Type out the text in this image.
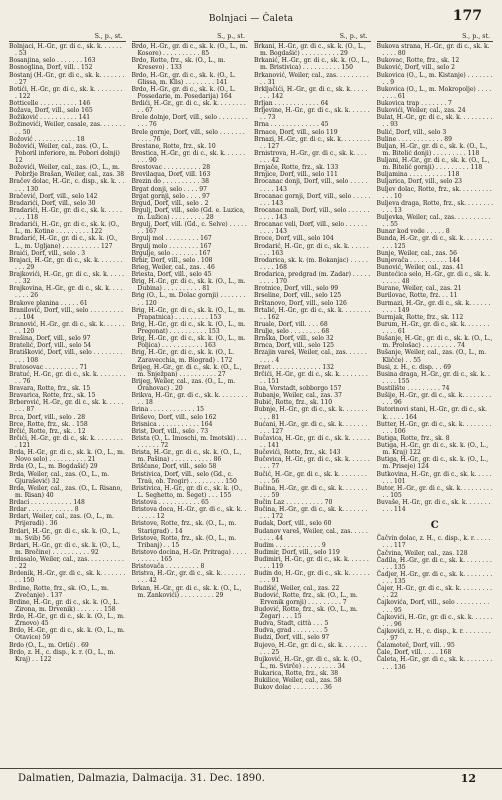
Bolnjaci — Čaleta	177
S., p., st.
Bolnjaci, H.-Gr., gr. di c., sk. k. . . . . . . 53
Bosanjina, selo . . . . . . . 163
Bosnoglina, Dorf, vill. . 152
Bostanj (H.-Gr., gr. di c., sk. k. . . . . . . . 27
Botići, H.-Gr., gr. di c., sk. k. . . . . . . . . 122
Botticelle . . . . . . . . . . 146
Božava, Dorf, vill., selo 165
Božiković . . . . . . . . . . 141
Božinovići, Weiler, casale, zas. . . . . . . . . 50
Božović . . . . . . . . . . . 18
Božovići, Weiler, cal., zas. (O., L. Poboril inferiore, m. Pobori dolnji) 12
Božovići, Weiler, cal., zas. (O., L., m. Pobržje Brašan, Weiler, cal., zas. 38
Bračev dolac, H.-Gr., c. disp., sk. k. . . . . . 130
Bračević, Dorf, vill., selo 142
Bradarići, Dorf, vill., selo 30
Bradarići, H.-Gr., gr. di c., sk. k. . . . . . . . 118
Bradarići, H.-Gr., gr. di c., sk. k. (O., L., m. Kotine . . . . . . . . . 122
Bradarić, H.-Gr., gr. di c., sk. k. (O., L., m. Ugljane) . . . . . . . . . . 127
Braići, Dorf, vill., selo . 3
Brajaci, H.-Gr., gr. di c., sk. k. . . . . . . . . . 29
Brajkovići, H.-Gr., gr. di c., sk. k. . . . . . . 32
Brajkovina, H.-Gr., gr. di c., sk. k. . . . . . . . 26
Brakove planina . . . . . 61
Branilović, Dorf, vill., selo . . . . . . . . . . . 104
Branović, H.-Gr., gr. di c., sk. k. . . . . . . . 120
Brašina, Dorf, vill., selo 97
Bratelić, Dorf, vill., selo 54
Bratišković, Dorf, vill., selo . . . . . . . . . . . 108
Bratosovac . . . . . . . . . 71
Bratuć, H.-Gr., gr. di c., sk. k. . . . . . . . . . 76
Bravara, Rotte, frz., sk. 15
Bravarica, Rotte, frz., sk. 15
Brberović, H.-Gr., gr. di c., sk. k. . . . . . . . 87
Brca, Dorf, vill., selo . 28
Brce, Rotte, frz., sk. . 158
Brčić, Rotte, frz., sk. . 12
Brčići, H.-Gr., gr. di c., sk. k. . . . . . . . . 121
Brda, H.-Gr., gr. di c., sk. k. (O., L., m. Novo selo) . . . . . . . . . . 21
Brda (O., L., m. Bogdašić) 29
Brda, Weiler, cal., zas. (O., L., m. Gjurašević) 32
Brda, Weiler, cal., zas. (O., L. Risano, m. Risan) 40
Brdaci . . . . . . . . . . . 148
Brdar . . . . . . . . . . . . 8
Brdari, Weiler, cal., zas. (O., L., m. Prijeradi) . 36
Brdari, H.-Gr., gr. di c., sk. k. (O., L., m. Svib) 56
Brdari, H.-Gr., gr. di c., sk. k. (O., L., m. Brečine) . . . . . . . . . . 92
Brdasalo, Weiler, cal., zas. . . . . . . . . . . 22
Brdenik, H.-Gr., gr. di c., sk. k. . . . . . . . . 150
Brdine, Rotte, frz., sk. (O., L., m. Zvečanje) . 137
Brdine, H.-Gr., gr. di c., sk. k. (O., L. Zirona, m. Drvenik) . . . . . . . 158
Brdo, H.-Gr., gr. di c., sk. k. (O., L., m. Zrnovo) 45
Brdo, H.-Gr., gr. di c., sk. k. (O., L., m. Otavice) 59
Brdo (O., L., m. Orlić) . 69
Brdo, z. H., c. disp., k. r. (O., L., m. Kraj) . . 122
S., p., st.
Brdo, H.-Gr., gr. di c., sk. k. (O., L., m. Kosore) . . . . . . . . . . 85
Brdo, Rotte, frz., sk. (O., L., m. Kresevo) . 133
Brdo, H.-Gr., gr. di c., sk. k. (O., L. Glissa, m. Klis) . . . . . . . . 141
Brdo, H.-Gr., gr. di c., sk. k. (O., L. Possedarie, m. Posedarija) 164
Brdići, H.-Gr., gr. di c., sk. k. . . . . . . . . . 67
Brele dolnje, Dorf, vill., selo . . . . . . . . . . . 76
Brele gornje, Dorf, vill., selo . . . . . . . . . . . 76
Brestane, Rotte, frz., sk. 10
Brestica, H.-Gr., gr. di c., sk. k. . . . . . . . . 90
Brestovac . . . . . . . . . . 28
Brevilaqua, Dorf, vill. 163
Brezin do . . . . . . . . . . 38
Brgat donji, selo . . . . 97
Brgat gornji, selo . . . . 97
Brgud, Dorf, vill., selo . 2
Brgulj, Dorf, vill., selo (Gd. e. Luzica, m. Lužica) . . . . . . . . . 28
Brgulj, Dorf, vill. (Gd., c. Selve) . . . . . . . 167
Brgulj mol . . . . . . . . . 167
Brgulj molo . . . . . . . . 167
Brgulje, selo . . . . . . . 167
Brhir, Dorf, vill., selo . 108
Brieg, Weiler, cal., zas. . 46
Briesta, Dorf, vill., selo 45
Brig, H.-Gr., gr. di c., sk. k. (O., L., m. Dubina) . . . . . . . . . . 81
Brig (O., L., m. Dolac gornji) . . . . . . . . . 120
Brig, H.-Gr., gr. di c., sk. k. (O., L., m. Prapatnica) . . . . . . . . . 153
Brig, H.-Gr., gr. di c., sk. k. (O., L., m. Pregonat) . . . . . . . . . . 153
Brig, H.-Gr., gr. di c., sk. k. (O., L., m. Poljica) . . . . . . . . . . . 163
Brig, H.-Gr., gr. di c., sk. k. (O., L. Zaravecchia, m. Biograd) . 172
Brijeg, H.-Gr., gr. di c., sk. k. (O., L., m. Snježpan) . . . . . . . . . . 27
Brijeg, Weiler, cal., zas. (O., L., m. Orahovac) . 20
Brikva, H.-Gr., gr. di c., sk. k. . . . . . . . . . 18
Brina . . . . . . . . . . . . 15
Briševo, Dorf, vill., selo 162
Brisnica . . . . . . . . . . . 164
Brist, Dorf, vill., selo . 73
Brista (O., L. Imoschi, m. Imotski) . . . . . . . . . 72
Brista, H.-Gr., gr. di c., sk. k. (O., L., m. Pašina) . . . . . . . . . . . 86
Briščane, Dorf, vill., selo 58
Bristivica, Dorf, vill., selo (Gd., c. Traù, ob. Trogir) . . . . . . . . . 150
Bristivica, H.-Gr., gr. di c., sk. k. (O., L. Seghetto, m. Seget) . . . 155
Bristova . . . . . . . . . . . 65
Bristova doca, H.-Gr., gr. di c., sk. k. . . . . . . 12
Bristove, Rotte, frz., sk. (O., L., m. Starigrad) . 14
Bristove, Rotte, frz., sk. (O., L., m. Tribanj) . . 15
Bristovo docina, H.-Gr. Pritraga) . . . . . . . . . . 165
Bristovača . . . . . . . . . 8
Bristva, H.-Gr., gr. di c., sk. k. . . . . . . . . . 42
Brkan, H.-Gr., gr. di c., sk. k. (O., L., m. Zankovići) . . . . . . . . . 29
S., p., st.
Brkani, H.-Gr., gr. di c., sk. k. (O., L., m. Bogdašić) . . . . . . . . . . 29
Brkanić, H.-Gr., gr. di c., sk. k. (O., L., m. Bristivica) . . . . . . . . . . 150
Brkanović, Weiler, cal., zas. . . . . . . . . . . 31
Brkljačići, H.-Gr., gr. di c., sk. k. . . . . . . . 142
Brljan . . . . . . . . . . . . 64
Brljevine, H.-Gr., gr. di c., sk. k. . . . . . . . 73
Brna . . . . . . . . . . . . . 45
Brnace, Dorf, vill., selo 119
Brnazi, H.-Gr., gr. di c., sk. k. . . . . . . . . . 127
Brnistrova, H.-Gr., gr. di c., sk. k. . . . . . . 42
Brnjače, Rotte, frz., sk. 133
Brnjice, Dorf, vill., selo 111
Brocanac donji, Dorf, vill., selo . . . . . . . . . 143
Brocanac gornji, Dorf, vill., selo . . . . . . . . 143
Brocanac mali, Dorf, vill., selo . . . . . . . . . . 143
Brocanac veli, Dorf, vill., selo . . . . . . . . . . 143
Broce, Dorf, vill., selo 104
Brodarić, H.-Gr., gr. di c., sk. k. . . . . . . . . 163
Brodarica, sk. k. (m. Bokanjac) . . . . . . . . . 168
Brodarica, predgrad (m. Zadar) . . . . . . . . . 170
Brotnice, Dorf, vill., selo 99
Brseline, Dorf, vill., selo 125
Brštanovo, Dorf, vill., selo 126
Brtalić, H.-Gr., gr. di c., sk. k. . . . . . . . . . 162
Bruale, Dorf, vill. . . . 68
Brulje, selo . . . . . . . . 68
Brnška, Dorf, vill., selo 32
Brnca, Dorf, vill., selo 125
Brzajin vareš, Weiler, cal., zas. . . . . . . . . . 4
Brzet . . . . . . . . . . . . . 132
Brčići, H.-Gr., gr. di c., sk. k. . . . . . . . . . 151
Bua, Vorstadt, sobborgo 157
Bubanje, Weiler, cal., zas. 37
Bubić, Rotte, frz., sk. 110
Bubnje, H.-Gr., gr. di c., sk. k. . . . . . . . . . 81
Bućani, H.-Gr., gr. di c., sk. k. . . . . . . . . . 127
Bučavica, H.-Gr., gr. di c., sk. k. . . . . . . . 141
Bučevići, Rotte, frz., sk. 143
Bučevica, H.-Gr., gr. di c., sk. k. . . . . . . . . 77
Bučić, H.-Gr., gr. di c., sk. k. . . . . . . . . . . 56
Bučina, H.-Gr., gr. di c., sk. k. . . . . . . . . . 59
Bučin Laz . . . . . . . . . . 70
Bučina, H.-Gr., gr. di c., sk. k. . . . . . . . . . 172
Budak, Dorf, vill., selo 60
Budanov vareš, Weiler, cal., zas. . . . . . . . . 44
Budim . . . . . . . . . . . . 9
Budimir, Dorf, vill., selo 119
Budimiri, H.-Gr., gr. di c., sk. k. . . . . . . . . 119
Budin do, H.-Gr., gr. di c., sk. k. . . . . . . . . 91
Budišić, Weiler, cal., zas. 22
Budović, Rotte, frz., sk. (O., L., m. Ervenik gornji) . . . . . . . . . 7
Budović, Rotte, frz., sk. (O., L., m. Žegar) . . . 15
Budva, Stadt, città . . . 5
Budva, grad . . . . . . . . 5
Budzi, Dorf, vill., selo 97
Bujevo, H.-Gr., gr. di c., sk. k. . . . . . . . . . 25
Bujković, H.-Gr., gr. di c., sk. k. (O., L., m. Svirče) . . . . . . . . . 34
Bukarica, Rotte, frz., sk. 38
Bukilice, Weiler, cal., zas. 58
Bukov dolac . . . . . . . . 36
S., p., st.
Bukova strana, H.-Gr., gr. di c., sk. k. . . . . 80
Bukovac, Rotte, frz., sk. 12
Buković, Dorf, vill., selo 2
Bukovica (O., L., m. Kistanje) . . . . . . . . . 9
Bukovica (O., L., m. Mokropolje) . . . . . . . . 61
Bukovica trap . . . . . . . 7
Bukovići, Weiler, cal., zas. 24
Bulat, H.-Gr., gr. di c., sk. k. . . . . . . . . . . 93
Bulić, Dorf, vill., selo 3
Buline . . . . . . . . . . . . 89
Buljan, H.-Gr., gr. di c., sk. k. (O., L., m. Biteliċ donji) . . . . . . . . . 118
Buljani, H.-Gr., gr. di c., sk. k. (O., L., m. Bitelić gornji) . . . . . . . . . 118
Buljamina . . . . . . . . . . 118
Buljarica, Dorf, vill., selo 23
Buljev dolac, Rotte, frz., sk. . . . . . . . . . . . 10
Buljeva draga, Rotte, frz., sk. . . . . . . . . . . 13
Buljevka, Weiler, cal., zas. . . . . . . . . . . . 55
Bunar kod vode . . . . . 8
Bunda, H.-Gr., gr. di c., sk. k. . . . . . . . . . . 125
Bunje, Weiler, cal., zas. 56
Bunjevača . . . . . . . . . . 144
Bunović, Weiler, cal., zas. 41
Buntećica selo, H.-Gr., gr. di c., sk. k. . . . . . 48
Burane, Weiler, cal., zas. 21
Burilovac, Rotte, frz. . . 11
Burmazi, H.-Gr., gr. di c., sk. k. . . . . . . . . . 149
Burmjak, Rotte, frz., sk. 112
Burum, H.-Gr., gr. di c., sk. k. . . . . . . . . . . 61
Bušanje, H.-Gr., gr. di c., sk. k. (O., L., m. Prološac) . . . . . . . . . 74
Bušanje, Weiler, cal., zas. (O., L., m. Kličće) . . 55
Busi, z. H., c. disp. . . 69
Busina draga, H.-Gr., gr. di c., sk. k. . . . . . 155
Bustilište . . . . . . . . . 74
Bušije, H.-Gr., gr. di c., sk. k. . . . . . . . . . . 96
Butorinovi stani, H.-Gr., gr. di c., sk. k. . . . . 164
Butter, H.-Gr., gr. di c., sk. k. . . . . . . . . . . 106
Butiga, Rotte, frz., sk. 8
Butiga, H.-Gr., gr. di c., sk. k. (O., L., m. Kraj) 122
Butiga, H.-Gr., gr. di c., sk. k. (O., L., m. Priseje) 124
Butkovina, H.-Gr., gr. di c., sk. k. . . . . . . . 101
Butor, H.-Gr., gr. di c., sk. k. . . . . . . . . . . 105
Buvaše, H.-Gr., gr. di c., sk. k. . . . . . . . . . 114
C
Čačvin dolac, z. H., c. disp., k. r. . . . . . . . 117
Čačvina, Weiler, cal., zas. 128
Čadila, H.-Gr., gr. di c., sk. k. . . . . . . . . . . 135
Čadjer, H.-Gr., gr. di c., sk. k. . . . . . . . . . . 135
Čajer, H.-Gr., gr. di c., sk. k. . . . . . . . . . . 22
Čajkovića, Dorf, vill., selo . . . . . . . . . . . . 95
Čajkovići, H.-Gr., gr. di c., sk. k. . . . . . . . . 96
Čajkovići, z. H., c. disp., k. r. . . . . . . . . . 97
Čalamoteč, Dorf, vill. . 95
Čale, Dorf, vill. . . . . 168
Čaleta, H.-Gr., gr. di c., sk. k. . . . . . . . . . . 136
Dalmatien, Dalmazia, Dalmacija. 31. Dec. 1890.	12
